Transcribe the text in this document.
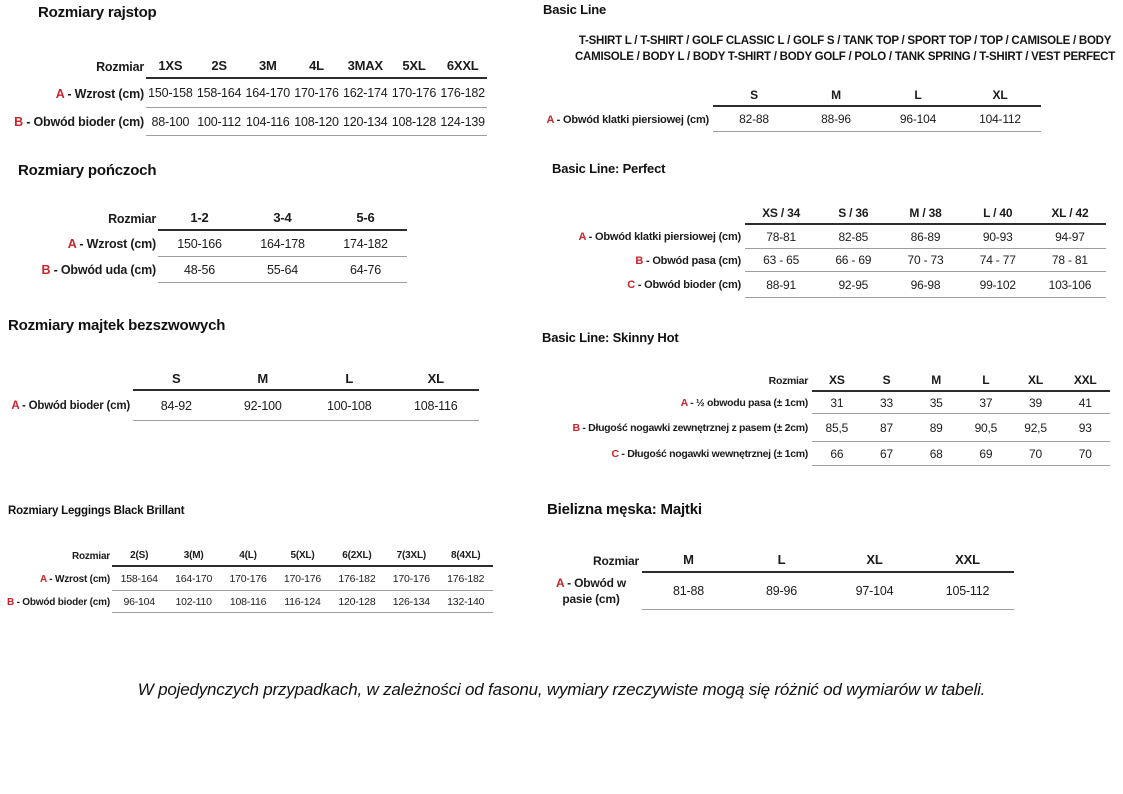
Rozmiary rajstop
Rozmiar	1XS	2S	3M	4L	3MAX	5XL	6XXL
A - Wzrost (cm) 150-158 158-164 164-170 170-176 162-174 170-176 176-182
B - Obwód bioder (cm) 88-100 100-112 104-116 108-120 120-134 108-128 124-139
Rozmiary pończoch
Rozmiar	1-2	3-4	5-6
A - Wzrost (cm)	150-166	164-178	174-182
B - Obwód uda (cm)	48-56	55-64	64-76
Rozmiary majtek bezszwowych
S	M	L	XL
A - Obwód bioder (cm)	84-92	92-100	100-108	108-116
Rozmiary Leggings Black Brillant
Rozmiar	2(S)	3(M)	4(L)	5(XL)	6(2XL)	7(3XL)	8(4XL)
A - Wzrost (cm)	158-164	164-170	170-176	170-176	176-182	170-176	176-182
B - Obwód bioder (cm)	96-104	102-110	108-116	116-124	120-128	126-134	132-140
Basic Line
T-SHIRT L / T-SHIRT / GOLF CLASSIC L / GOLF S / TANK TOP / SPORT TOP / TOP / CAMISOLE / BODY CAMISOLE / BODY L / BODY T-SHIRT / BODY GOLF / POLO / TANK SPRING / T-SHIRT / VEST PERFECT
S	M	L	XL
A - Obwód klatki piersiowej (cm)	82-88	88-96	96-104	104-112
Basic Line: Perfect
XS / 34	S / 36	M / 38	L / 40	XL / 42
A - Obwód klatki piersiowej (cm)	78-81	82-85	86-89	90-93	94-97
B - Obwód pasa (cm)	63 - 65	66 - 69	70 - 73	74 - 77	78 - 81
C - Obwód bioder (cm)	88-91	92-95	96-98	99-102	103-106
Basic Line: Skinny Hot
Rozmiar	XS	S	M	L	XL	XXL
A - ½ obwodu pasa (± 1cm)	31	33	35	37	39	41
B - Długość nogawki zewnętrznej z pasem (± 2cm)	85,5	87	89	90,5	92,5	93
C - Długość nogawki wewnętrznej (± 1cm)	66	67	68	69	70	70
Bielizna męska: Majtki
Rozmiar	M	L	XL	XXL
A - Obwód w pasie (cm)
81-88	89-96	97-104	105-112
W pojedynczych przypadkach, w zależności od fasonu, wymiary rzeczywiste mogą się różnić od wymiarów w tabeli.
